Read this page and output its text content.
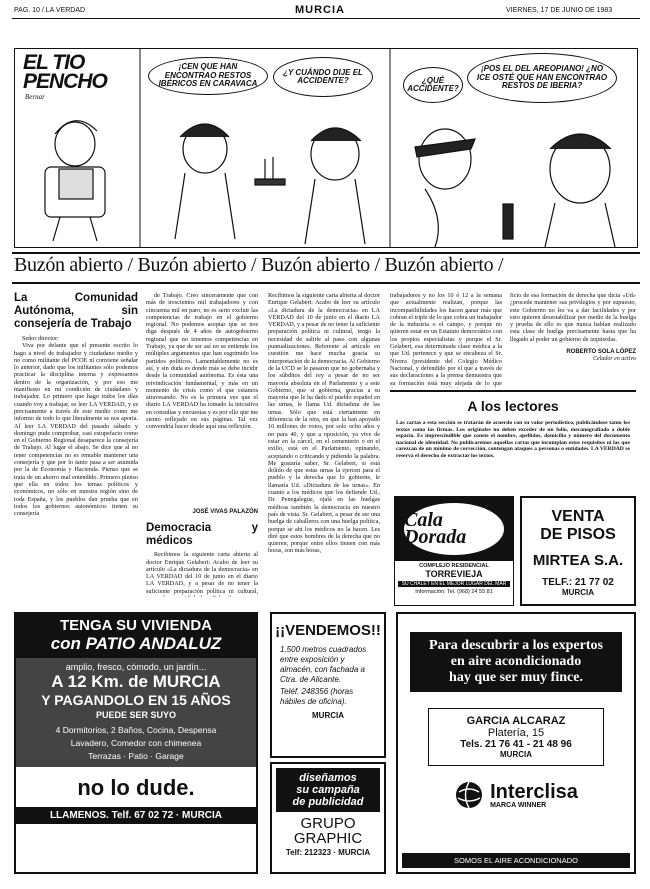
PAG. 10 / LA VERDAD	MURCIA	VIERNES, 17 DE JUNIO DE 1983
EL TIO
PENCHO
Bernar
¡CEN QUE HAN ENCONTRAO RESTOS IBÉRICOS EN CARAVACA
¿Y CUÁNDO DIJE EL ACCIDENTE?	¿QUÉ ACCIDENTE?
¡POS EL DEL AREOPIANO! ¿NO ICE OSTÉ QUE HAN ENCONTRAO RESTOS DE IBERIA?
Buzón abierto / Buzón abierto / Buzón abierto / Buzón abierto /
La Comunidad Autónoma, sin consejería de Trabajo

Señor director:

Viva por delante que el presente escrito lo hago a nivel de trabajador y ciudadano medio y no como militante del PCOE ni conviene señalar lo anterior, dado que los militantes sólo podemos practicar la disciplina interna y expresarnos dentro de la organización, y por eso me manifiesto en mi condición de ciudadano y trabajador. Lo primero que hago todos los días cuando voy a trabajar, es leer LA VERDAD, y es precisamente a través de este medio como me informo de todo lo que literalmente se nos aporta. Al leer LA VERDAD del pasado sábado y domingo pude comprobar, casi estupefacto como en el Gobierno Regional desaparece la consejería de Trabajo. Al lugar el abajo. Se dice que al no tener competencias no es rentable mantener una consejería y que por lo tanto pasa a ser asumida por la de Economía y Hacienda. Pienso que se trata de un ahorro mal entendido. Primero pienso que ella en todos los temas políticos y económicos, no sólo en nuestra región sino de toda España, y los pueblos dan prueba que en todos los gobiernos autonómicos tienen su consejería

de Trabajo. Creo sinceramente que con más de trescientos mil trabajadores y con cincuenta mil en paro, no es serio excluir las competencias de trabajo en el gobierno regional. No podemos aceptar que se nos diga después de 4 años de autogobierno regional que no tenemos competencias en Trabajo, ya que de ser así no se entiende los múltiples argumentos que han esgrimido los partidos políticos. Lamentablemente no es así, y sin duda es donde más se debe incidir desde la comunidad autónoma. Es ésta una reivindicación fundamental, y más en un momento de crisis como el que estamos atravesando. No es la primera vez que el diario LA VERDAD ha tomado la iniciativa en consultas y encuestas y es por ello que me siento reflejado en sus páginas. Tal vez convendría hacer desde aquí una reflexión.

JOSÉ VIVAS PALAZÓN
Democracia y médicos

Recibimos la siguiente carta abierta al doctor Enrique Gelabert: Acabo de leer su artículo «La dictadura de la democracia» en LA VERDAD del 10 de junio en el diario LA VERDAD, y a pesar de no tener la suficiente preparación política ni cultural,

Recibimos la siguiente carta abierta al doctor Enrique Gelabert: Acabo de leer su artículo «La dictadura de la democracia» en LA VERDAD del 10 de junio en el diario LA VERDAD, y a pesar de no tener la suficiente preparación política ni cultural, tengo la necesidad de salirle al paso con algunas puntualizaciones. Referente al artículo en cuestión me hace mucha gracia su interpretación de la democracia. Al Gobierno de la UCD se le pasaron que no gobernaba y los súbditos del rey a pesar de no ser mayoría absoluta en el Parlamento y a este Gobierno, que si gobierna, gracias a su mayoría que le ha dado el pueblo español en las urnas, le llama Ud. dictadura de las urnas. Sólo que está ciertamente en diferencia de la otra, en que la han apoyado 10 millones de votos, por solo ocho años y no para 40, y que a oposición, ya vive de estar en la cárcel, en el cementerio o en el exilio, está en el Parlamento, opinando, aceptando o criticando y pidiendo la palabra. Me gustaría saber, Sr. Gelabert, si está dolido de que estas urnas la ejercen para el pueblo y la derecha que lo gobierne, le llamaría Ud. «Dictadura de las urnas». En cuanto a los médicos que los defiende Ud., Dr. Penegalegue, ojalá en las huelgas médicas también la democracia en nuestro país de vista. Sr. Gelabert, a pesar de ser una huelga de caballeros con una huelga política, porque se ahí los médicos no la hacen. Les diré que estos hombres de la derecha que no quieren, porque entre ellos tienen con más horas, son más horas,

trabajadores y no los 10 ó 12 a la semana que actualmente realizan, porque las incompatibilidades los hacen ganar más que cobran el triple de lo que cobra un trabajador de la industria o el campo, y porque no quieren estar en un Estatuto democrático con los propios especialistas y porque el Sr. Gelabert, esa determinada clase médica a la que Ud. pertenece y que se encabeza el Sr. Nivera (presidente del Colegio Médico Nacional, y defendido por el que a través de sus declaraciones a la prensa demuestra que su formación está muy alejada de lo que

ficio de esa formación de derecha que dicta «Ud» ¿procede mantener sus privilegios y por supuesto, este Gobierno no les va a dar facilidades y por esto quieren desestabilizar por medio de la huelga y prueba de ello es que nunca habían realizado esta clase de huelga precisamente hasta que ha llegado al poder un gobierno de izquierdas.

ROBERTO SOLA LÓPEZ
Celador en activo
A los lectores
Las cartas a esta sección se tratarán de acuerdo con su valor periodístico, publicándose tanto los textos como las firmas. Los originales no deben exceder de un folio, mecanografiado a doble espacio. Es imprescindible que conste el nombre, apellidos, domicilio y número del documento nacional de identidad. No publicaremos aquellas cartas que incumplan estos requisitos ni las que carezcan de un mínimo de corrección, contengan ataques a personas o entidades. LA VERDAD se reserva el derecho de extractar los textos.
Cala Dorada
COMPLEJO RESIDENCIAL
TORREVIEJA
SU CHALET EN EL MEJOR LUGAR DEL MAR
Información: Tel. (968) 24 55 81
VENTA
DE PISOS
MIRTEA S.A.
TELF.: 21 77 02
MURCIA
TENGA SU VIVIENDA
con PATIO ANDALUZ
amplio, fresco, cómodo, un jardín...
A 12 Km. de MURCIA
Y PAGANDOLO EN 15 AÑOS
PUEDE SER SUYO
4 Dormitorios, 2 Baños, Cocina, Despensa
Lavadero, Comedor con chimenea
Terrazas · Patio · Garage
no lo dude.
LLAMENOS. Telf. 67 02 72 · MURCIA
¡¡VENDEMOS!!
1.500 metros cuadrados entre exposición y almacén, con fachada a Ctra. de Alicante.
Teléf. 248356 (horas hábiles de oficina).
MURCIA
diseñamos
su campaña
de publicidad
GRUPO
GRAPHIC
Telf: 212323 · MURCIA
Para descubrir a los expertos
en aire acondicionado
hay que ser muy fince.
GARCIA ALCARAZ
Platería, 15
Tels. 21 76 41 - 21 48 96
MURCIA
Interclisa
MARCA WINNER
SOMOS EL AIRE ACONDICIONADO
